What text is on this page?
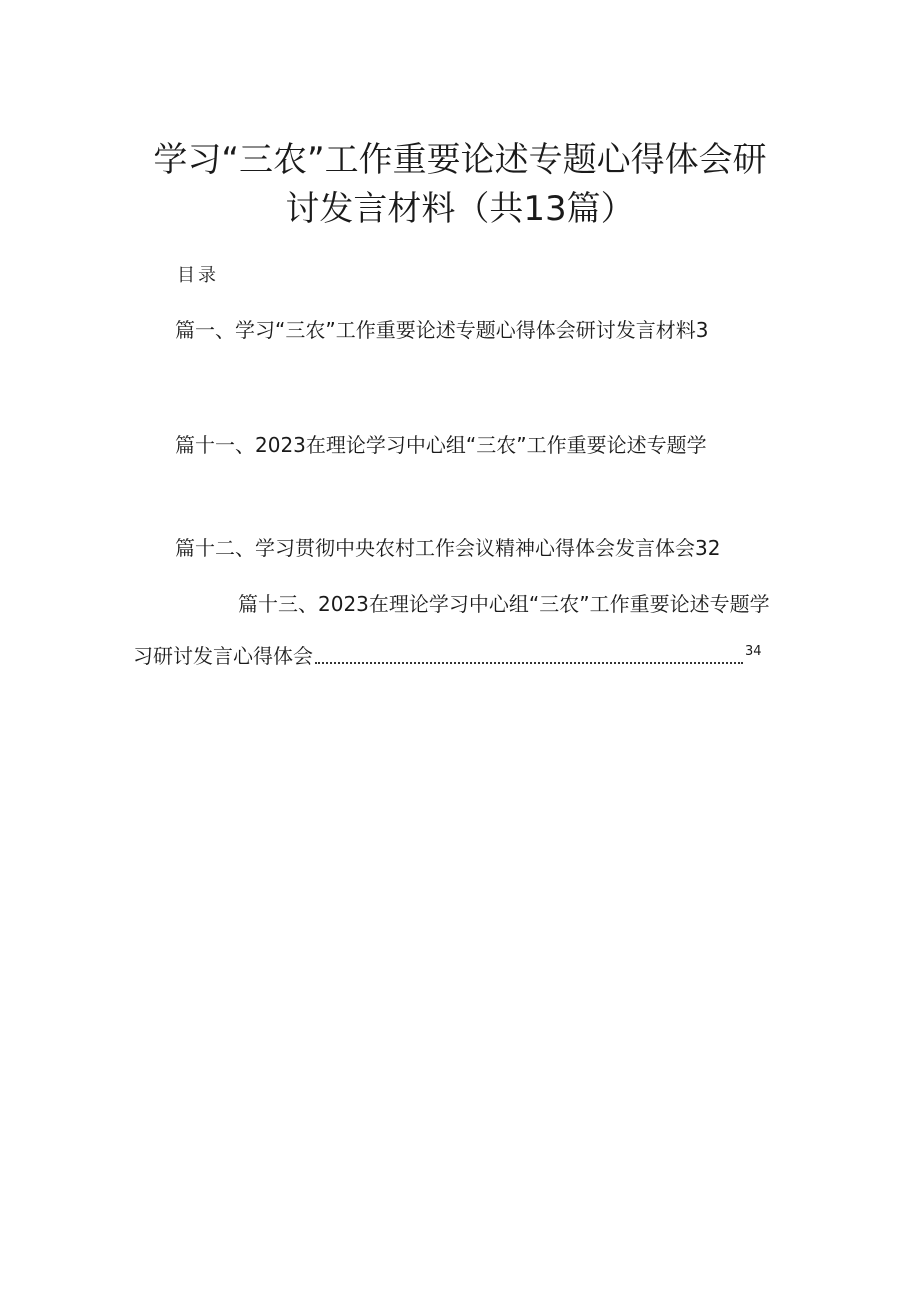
学习“三农”工作重要论述专题心得体会研
讨发言材料（共13篇）
目录
篇一、学习“三农”工作重要论述专题心得体会研讨发言材料3
篇十一、2023在理论学习中心组“三农”工作重要论述专题学
篇十二、学习贯彻中央农村工作会议精神心得体会发言体会32
篇十三、2023在理论学习中心组“三农”工作重要论述专题学
习研讨发言心得体会	34
